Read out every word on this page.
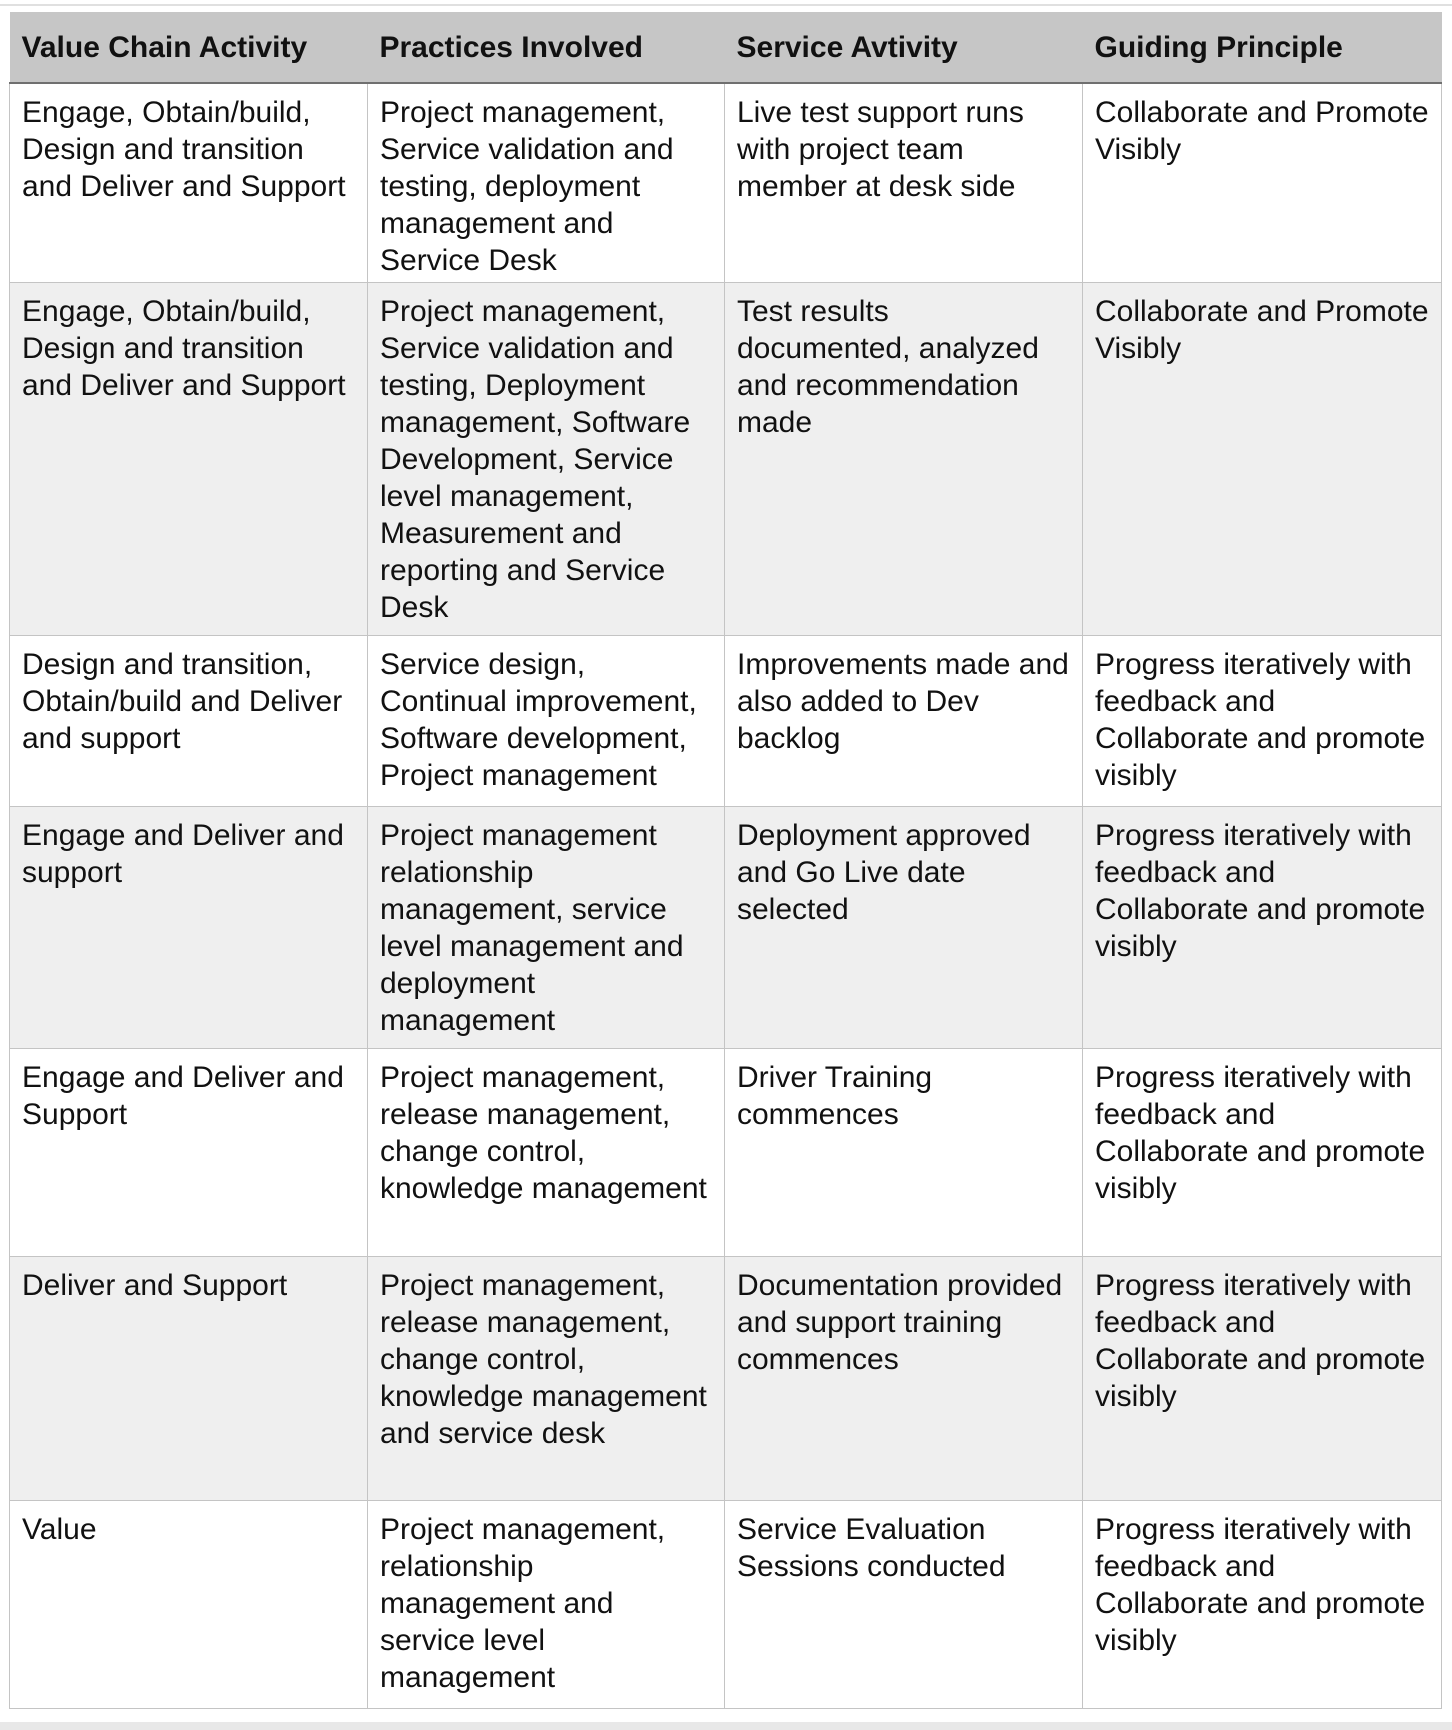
Value Chain Activity	Practices Involved	Service Avtivity	Guiding Principle
Engage, Obtain/build, Design and transition and Deliver and Support	Project management, Service validation and testing, deployment management and Service Desk	Live test support runs with project team member at desk side	Collaborate and Promote Visibly
Engage, Obtain/build, Design and transition and Deliver and Support	Project management, Service validation and testing, Deployment management, Software Development, Service level management, Measurement and reporting and Service Desk	Test results documented, analyzed and recommendation made	Collaborate and Promote Visibly
Design and transition, Obtain/build and Deliver and support	Service design, Continual improvement, Software development, Project management	Improvements made and also added to Dev backlog	Progress iteratively with feedback and Collaborate and promote visibly
Engage and Deliver and support	Project management relationship management, service level management and deployment management	Deployment approved and Go Live date selected	Progress iteratively with feedback and Collaborate and promote visibly
Engage and Deliver and Support	Project management, release management, change control, knowledge management	Driver Training commences	Progress iteratively with feedback and Collaborate and promote visibly
Deliver and Support	Project management, release management, change control, knowledge management and service desk	Documentation provided and support training commences	Progress iteratively with feedback and Collaborate and promote visibly
Value	Project management, relationship management and service level management	Service Evaluation Sessions conducted	Progress iteratively with feedback and Collaborate and promote visibly
